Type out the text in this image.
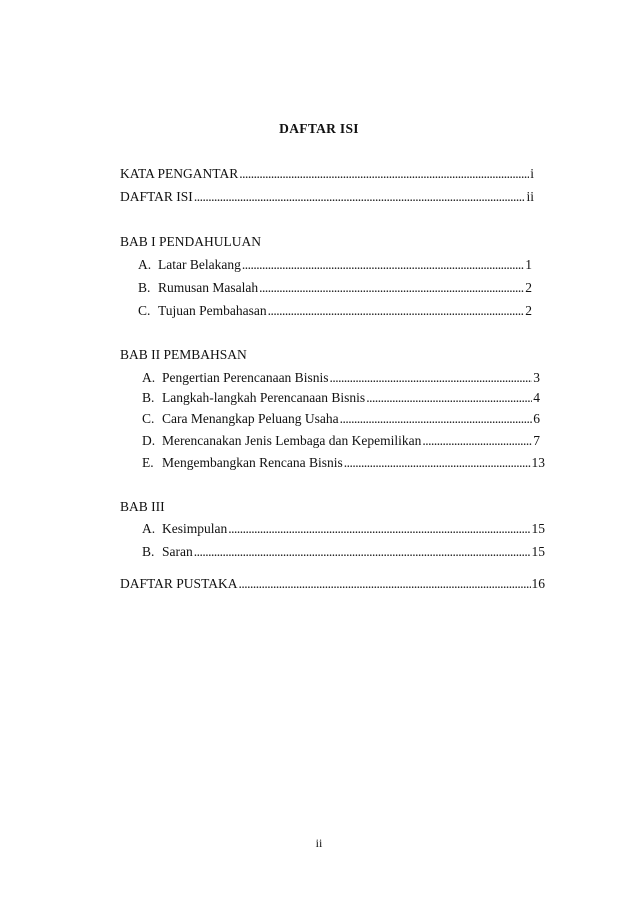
DAFTAR ISI
KATA PENGANTAR .....	i
DAFTAR ISI .....	ii
BAB I PENDAHULUAN
A. Latar Belakang .....	1
B. Rumusan Masalah .....	2
C. Tujuan Pembahasan .....	2
BAB II PEMBAHSAN
A. Pengertian Perencanaan Bisnis .....	3
B. Langkah-langkah Perencanaan Bisnis .....	4
C. Cara Menangkap Peluang Usaha .....	6
D. Merencanakan Jenis Lembaga dan Kepemilikan .....	7
E. Mengembangkan Rencana Bisnis .....	13
BAB III
A. Kesimpulan .....	15
B. Saran .....	15
DAFTAR PUSTAKA .....	16
ii
